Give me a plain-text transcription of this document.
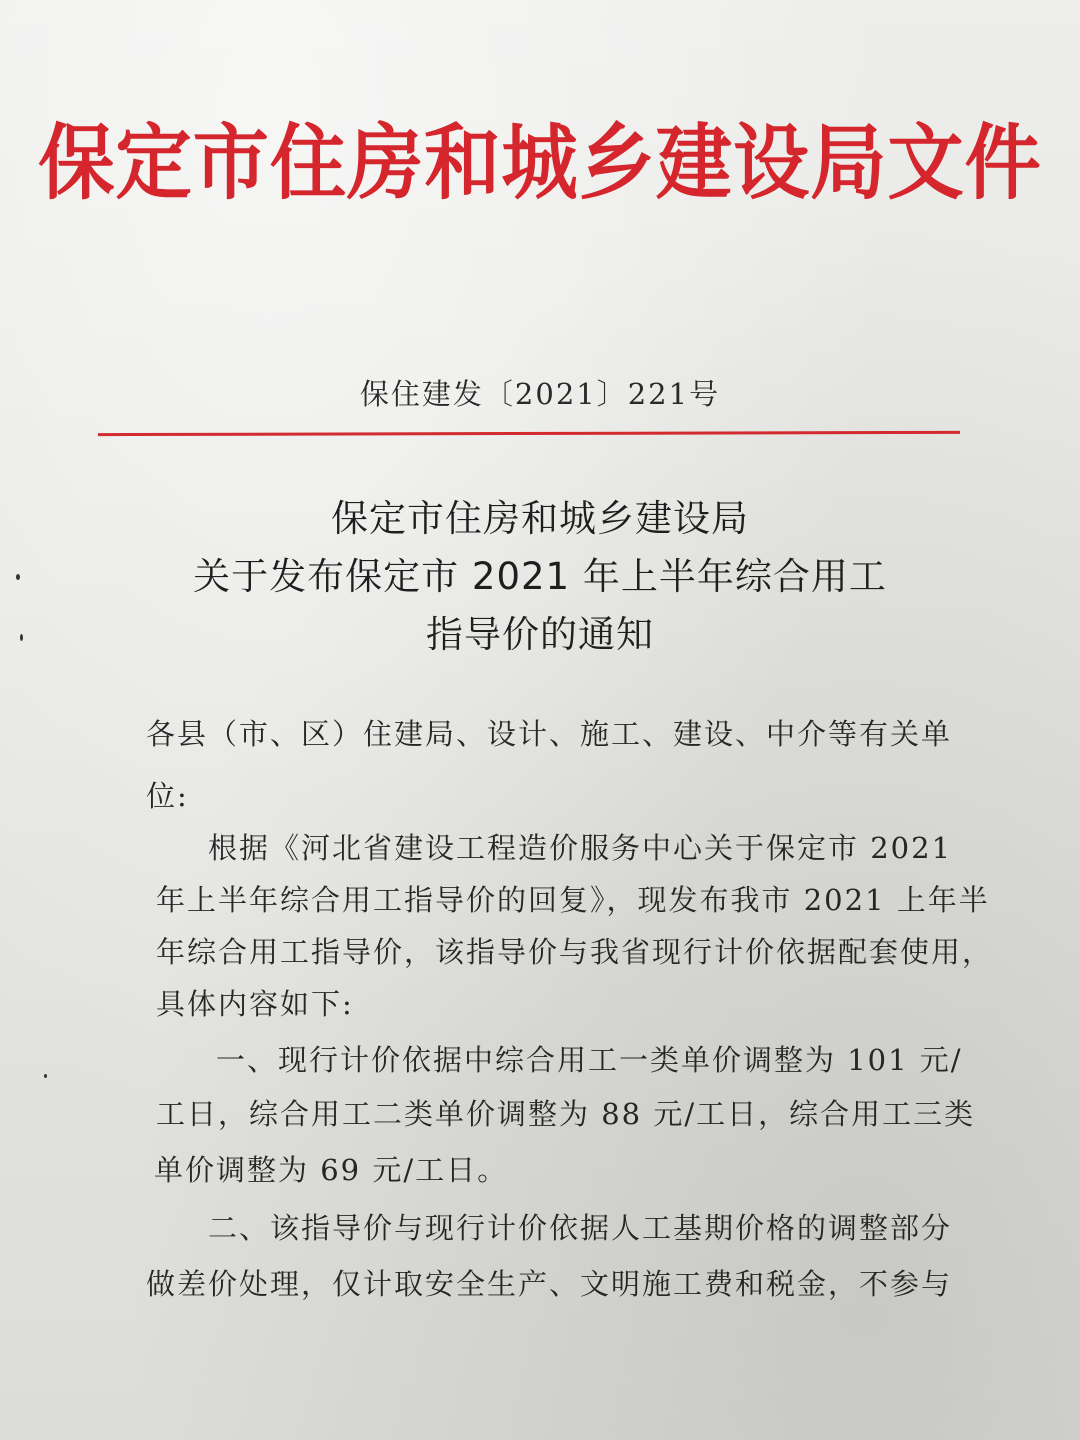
保定市住房和城乡建设局文件
保住建发〔2021〕221号
保定市住房和城乡建设局
关于发布保定市 2021 年上半年综合用工
指导价的通知
各县（市、区）住建局、设计、施工、建设、中介等有关单
位:
根据《河北省建设工程造价服务中心关于保定市 2021
年上半年综合用工指导价的回复》，现发布我市 2021 上年半
年综合用工指导价，该指导价与我省现行计价依据配套使用，
具体内容如下:
一、现行计价依据中综合用工一类单价调整为 101 元/
工日，综合用工二类单价调整为 88 元/工日，综合用工三类
单价调整为 69 元/工日。
二、该指导价与现行计价依据人工基期价格的调整部分
做差价处理，仅计取安全生产、文明施工费和税金，不参与
